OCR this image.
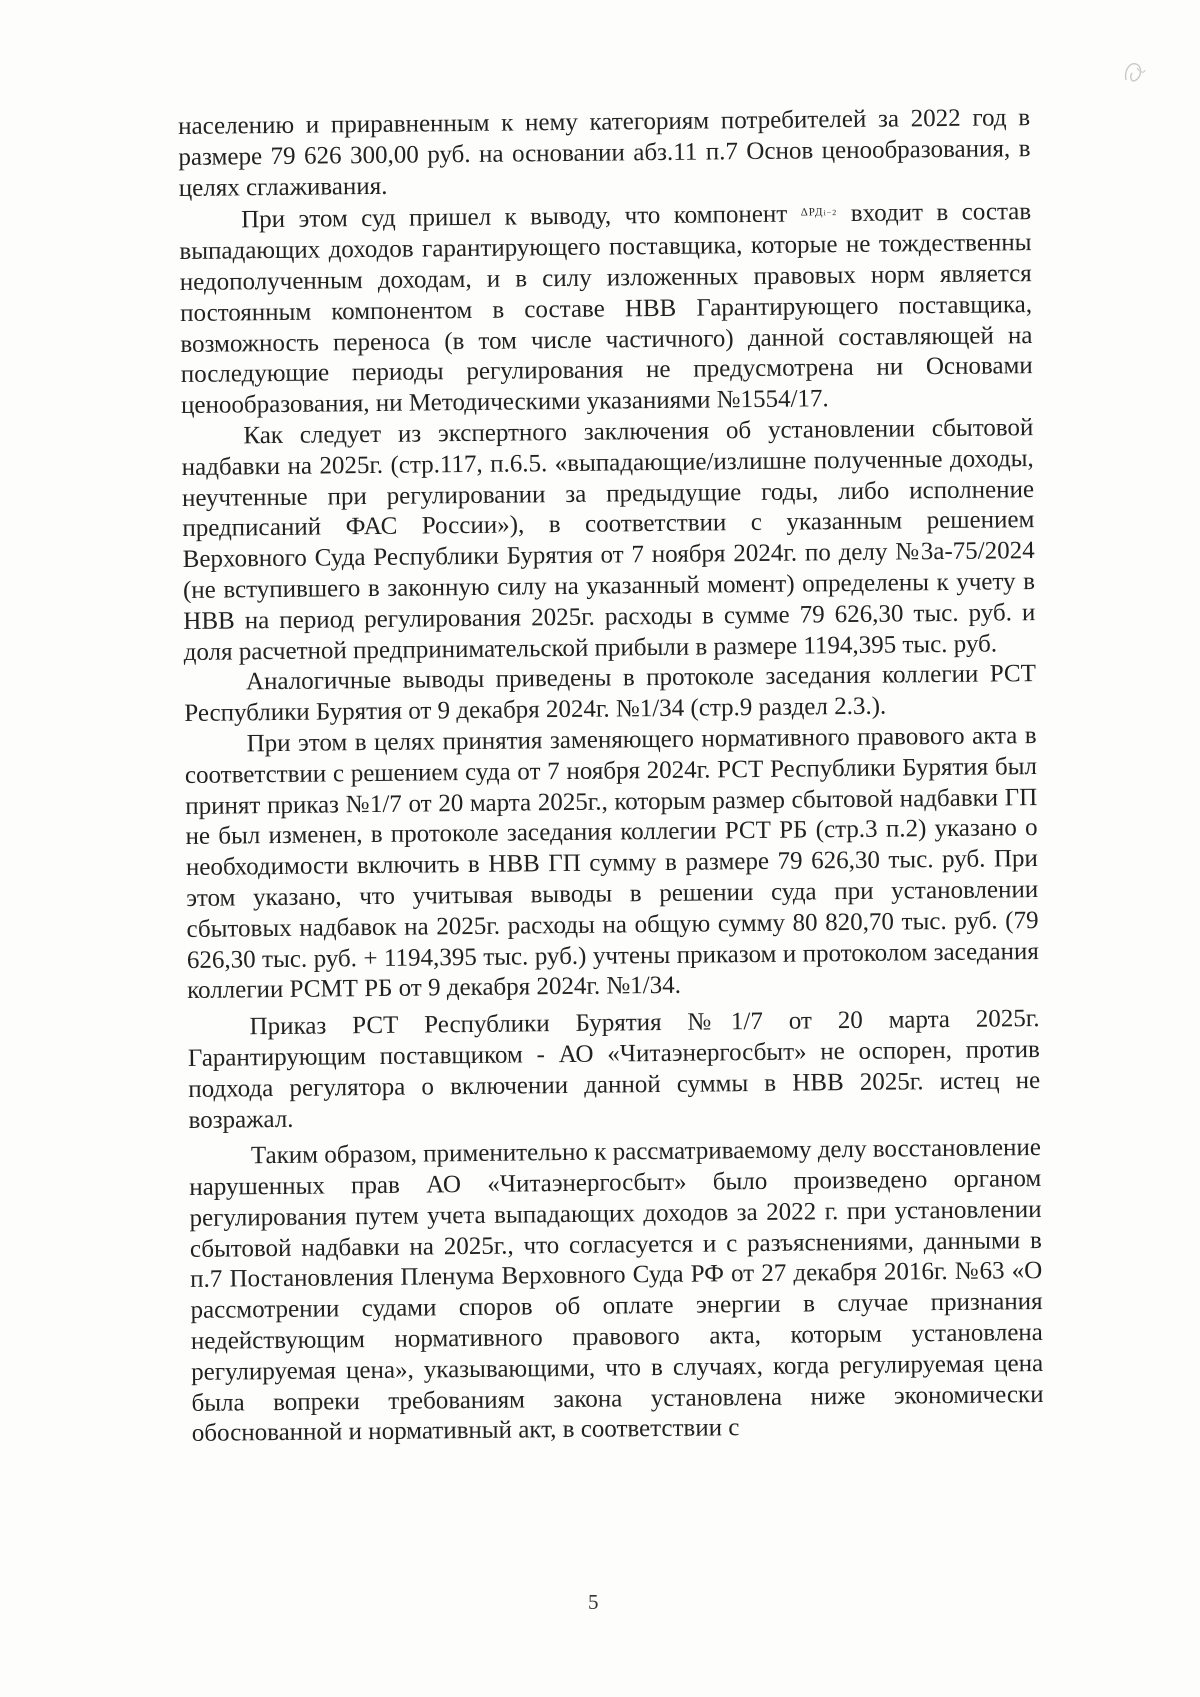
населению и приравненным к нему категориям потребителей за 2022 год в размере 79 626 300,00 руб. на основании абз.11 п.7 Основ ценообразования, в целях сглаживания.

При этом суд пришел к выводу, что компонент $^{\Delta РДi-2}$ входит в состав выпадающих доходов гарантирующего поставщика, которые не тождественны недополученным доходам, и в силу изложенных правовых норм является постоянным компонентом в составе НВВ Гарантирующего поставщика, возможность переноса (в том числе частичного) данной составляющей на последующие периоды регулирования не предусмотрена ни Основами ценообразования, ни Методическими указаниями №1554/17.

Как следует из экспертного заключения об установлении сбытовой надбавки на 2025г. (стр.117, п.6.5. «выпадающие/излишне полученные доходы, неучтенные при регулировании за предыдущие годы, либо исполнение предписаний ФАС России»), в соответствии с указанным решением Верховного Суда Республики Бурятия от 7 ноября 2024г. по делу №3а-75/2024 (не вступившего в законную силу на указанный момент) определены к учету в НВВ на период регулирования 2025г. расходы в сумме 79 626,30 тыс. руб. и доля расчетной предпринимательской прибыли в размере 1194,395 тыс. руб.

Аналогичные выводы приведены в протоколе заседания коллегии РСТ Республики Бурятия от 9 декабря 2024г. №1/34 (стр.9 раздел 2.3.).

При этом в целях принятия заменяющего нормативного правового акта в соответствии с решением суда от 7 ноября 2024г. РСТ Республики Бурятия был принят приказ №1/7 от 20 марта 2025г., которым размер сбытовой надбавки ГП не был изменен, в протоколе заседания коллегии РСТ РБ (стр.3 п.2) указано о необходимости включить в НВВ ГП сумму в размере 79 626,30 тыс. руб. При этом указано, что учитывая выводы в решении суда при установлении сбытовых надбавок на 2025г. расходы на общую сумму 80 820,70 тыс. руб. (79 626,30 тыс. руб. + 1194,395 тыс. руб.) учтены приказом и протоколом заседания коллегии РСМТ РБ от 9 декабря 2024г. №1/34.

Приказ РСТ Республики Бурятия №1/7 от 20 марта 2025г. Гарантирующим поставщиком - АО «Читаэнергосбыт» не оспорен, против подхода регулятора о включении данной суммы в НВВ 2025г. истец не возражал.

Таким образом, применительно к рассматриваемому делу восстановление нарушенных прав АО «Читаэнергосбыт» было произведено органом регулирования путем учета выпадающих доходов за 2022 г. при установлении сбытовой надбавки на 2025г., что согласуется и с разъяснениями, данными в п.7 Постановления Пленума Верховного Суда РФ от 27 декабря 2016г. №63 «О рассмотрении судами споров об оплате энергии в случае признания недействующим нормативного правового акта, которым установлена регулируемая цена», указывающими, что в случаях, когда регулируемая цена была вопреки требованиям закона установлена ниже экономически обоснованной и нормативный акт, в соответствии с

5
